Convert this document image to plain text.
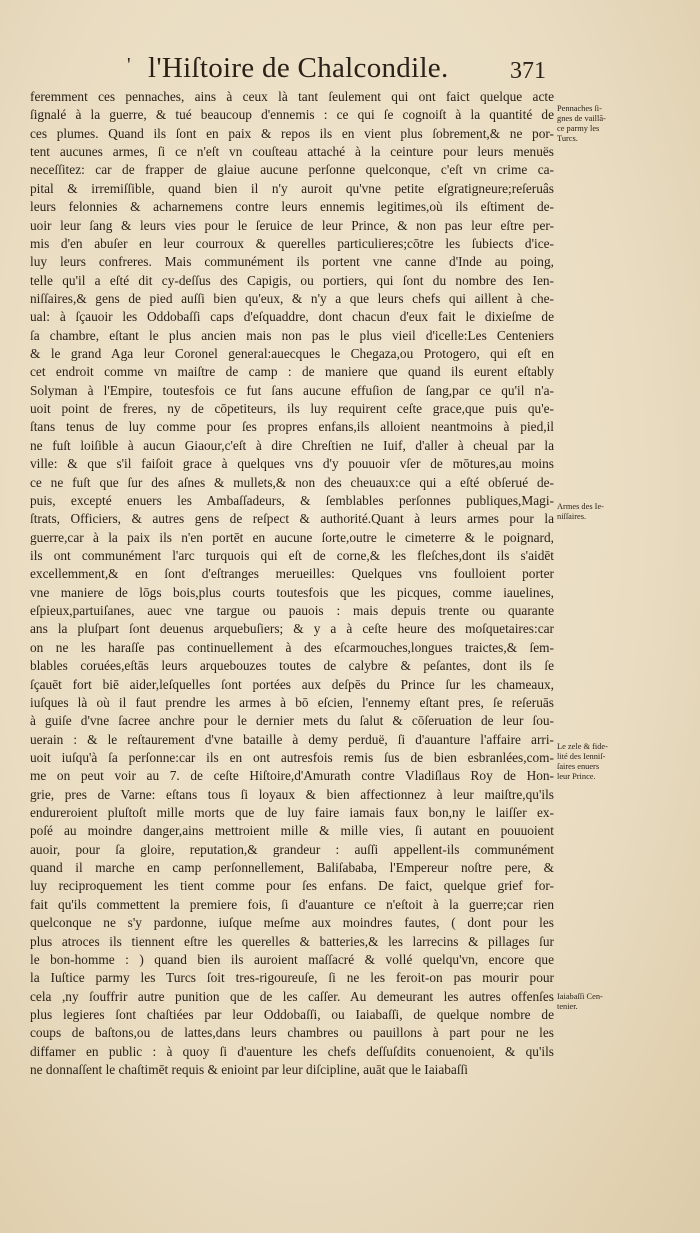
' l'Hiſtoire de Chalcondile.	371
feremment ces pennaches, ains à ceux là tant ſeulement qui ont faict quelque acte
ſignalé à la guerre, & tué beaucoup d'ennemis : ce qui ſe cognoiſt à la quantité de
ces plumes. Quand ils ſont en paix & repos ils en vient plus ſobrement,& ne por-
tent aucunes armes, ſi ce n'eſt vn couſteau attaché à la ceinture pour leurs menuës
neceſſitez: car de frapper de glaiue aucune perſonne quelconque, c'eſt vn crime ca-
pital & irremiſſible, quand bien il n'y auroit qu'vne petite eſgratigneure;reſeruâs
leurs felonnies & acharnemens contre leurs ennemis legitimes,où ils eſtiment de-
uoir leur ſang & leurs vies pour le ſeruice de leur Prince, & non pas leur eſtre per-
mis d'en abuſer en leur courroux & querelles particulieres;cōtre les ſubiects d'ice-
luy leurs confreres. Mais communément ils portent vne canne d'Inde au poing,
telle qu'il a eſté dit cy-deſſus des Capigis, ou portiers, qui ſont du nombre des Ien-
niſſaires,& gens de pied auſſi bien qu'eux, & n'y a que leurs chefs qui aillent à che-
ual: à ſçauoir les Oddobaſſi caps d'eſquaddre, dont chacun d'eux fait le dixieſme de
ſa chambre, eſtant le plus ancien mais non pas le plus vieil d'icelle:Les Centeniers
& le grand Aga leur Coronel general:auecques le Chegaza,ou Protogero, qui eſt en
cet endroit comme vn maiſtre de camp : de maniere que quand ils eurent eſtably
Solyman à l'Empire, toutesfois ce fut ſans aucune effuſion de ſang,par ce qu'il n'a-
uoit point de freres, ny de cōpetiteurs, ils luy requirent ceſte grace,que puis qu'e-
ſtans tenus de luy comme pour ſes propres enfans,ils alloient neantmoins à pied,il
ne fuſt loiſible à aucun Giaour,c'eſt à dire Chreſtien ne Iuif, d'aller à cheual par la
ville: & que s'il faiſoit grace à quelques vns d'y pouuoir vſer de mōtures,au moins
ce ne fuſt que ſur des aſnes & mullets,& non des cheuaux:ce qui a eſté obſerué de-
puis, excepté enuers les Ambaſſadeurs, & ſemblables perſonnes publiques,Magi-
ſtrats, Officiers, & autres gens de reſpect & authorité.Quant à leurs armes pour la
guerre,car à la paix ils n'en portēt en aucune ſorte,outre le cimeterre & le poignard,
ils ont communément l'arc turquois qui eſt de corne,& les fleſches,dont ils s'aidēt
excellemment,& en ſont d'eſtranges merueilles: Quelques vns foulloient porter
vne maniere de lōgs bois,plus courts toutesfois que les picques, comme iauelines,
eſpieux,partuiſanes, auec vne targue ou pauois : mais depuis trente ou quarante
ans la pluſpart ſont deuenus arquebuſiers; & y a à ceſte heure des moſquetaires:car
on ne les haraſſe pas continuellement à des eſcarmouches,longues traictes,& ſem-
blables coruées,eſtās leurs arquebouzes toutes de calybre & peſantes, dont ils ſe
ſçauēt fort biē aider,leſquelles ſont portées aux deſpēs du Prince ſur les chameaux,
iuſques là où il faut prendre les armes à bō eſcien, l'ennemy eſtant pres, ſe reſeruās
à guiſe d'vne ſacree anchre pour le dernier mets du ſalut & cōſeruation de leur ſou-
uerain : & le reſtaurement d'vne bataille à demy perduë, ſi d'auanture l'affaire arri-
uoit iuſqu'à ſa perſonne:car ils en ont autresfois remis ſus de bien esbranlées,com-
me on peut voir au 7. de ceſte Hiſtoire,d'Amurath contre Vladiſlaus Roy de Hon-
grie, pres de Varne: eſtans tous ſi loyaux & bien affectionnez à leur maiſtre,qu'ils
endureroient pluſtoſt mille morts que de luy faire iamais faux bon,ny le laiſſer ex-
poſé au moindre danger,ains mettroient mille & mille vies, ſi autant en pouuoient
auoir, pour ſa gloire, reputation,& grandeur : auſſi appellent-ils communément
quand il marche en camp perſonnellement, Baliſababa, l'Empereur noſtre pere, &
luy reciproquement les tient comme pour ſes enfans. De faict, quelque grief for-
fait qu'ils commettent la premiere fois, ſi d'auanture ce n'eſtoit à la guerre;car rien
quelconque ne s'y pardonne, iuſque meſme aux moindres fautes, ( dont pour les
plus atroces ils tiennent eſtre les querelles & batteries,& les larrecins & pillages ſur
le bon-homme : ) quand bien ils auroient maſſacré & vollé quelqu'vn, encore que
la Iuſtice parmy les Turcs ſoit tres-rigoureuſe, ſi ne les feroit-on pas mourir pour
cela ,ny ſouffrir autre punition que de les caſſer. Au demeurant les autres offenſes
plus legieres ſont chaſtiées par leur Oddobaſſi, ou Iaiabaſſi, de quelque nombre de
coups de baſtons,ou de lattes,dans leurs chambres ou pauillons à part pour ne les
diffamer en public : à quoy ſi d'auenture les chefs deſſuſdits conuenoient, & qu'ils
ne donnaſſent le chaſtimēt requis & enioint par leur diſcipline, auāt que le Iaiabaſſi
Pennaches ſi-
gnes de vaillā-
ce parmy les
Turcs.
Armes des Ie-
niſſaires.
Le zele & fide-
lité des Ienniſ-
ſaires enuers
leur Prince.
Iaiabaſſi Cen-
tenier.
